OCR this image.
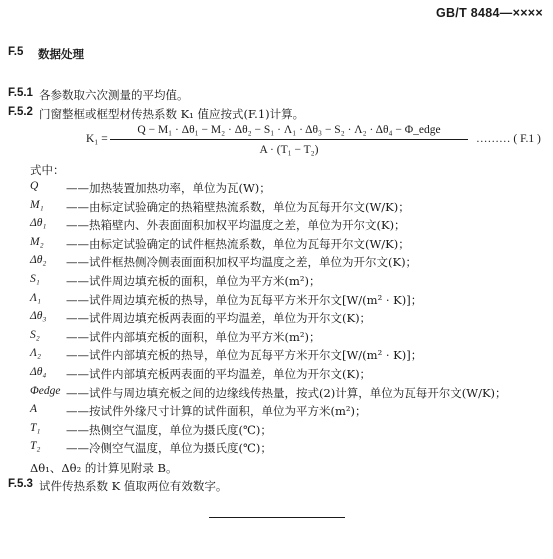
GB/T 8484—××××
F.5 数据处理
F.5.1 各参数取六次测量的平均值。
F.5.2 门窗整框或框型材传热系数 K₁ 值应按式(F.1)计算。
K₁ =
Q − M₁ · Δθ₁ − M₂ · Δθ₂ − S₁ · Λ₁ · Δθ₃ − S₂ · Λ₂ · Δθ₄ − Φ_edge
A · (T₁ − T₂)
……… ( F.1 )
式中：
Q ——加热装置加热功率，单位为瓦(W)；
M₁ ——由标定试验确定的热箱壁热流系数，单位为瓦每开尔文(W/K)；
Δθ₁ ——热箱壁内、外表面面积加权平均温度之差，单位为开尔文(K)；
M₂ ——由标定试验确定的试件框热流系数，单位为瓦每开尔文(W/K)；
Δθ₂ ——试件框热侧冷侧表面面积加权平均温度之差，单位为开尔文(K)；
S₁ ——试件周边填充板的面积，单位为平方米(m²)；
Λ₁ ——试件周边填充板的热导，单位为瓦每平方米开尔文[W/(m² · K)]；
Δθ₃ ——试件周边填充板两表面的平均温差，单位为开尔文(K)；
S₂ ——试件内部填充板的面积，单位为平方米(m²)；
Λ₂ ——试件内部填充板的热导，单位为瓦每平方米开尔文[W/(m² · K)]；
Δθ₄ ——试件内部填充板两表面的平均温差，单位为开尔文(K)；
Φedge ——试件与周边填充板之间的边缘线传热量，按式(2)计算，单位为瓦每开尔文(W/K)；
A	——按试件外缘尺寸计算的试件面积，单位为平方米(m²)；
T₁ ——热侧空气温度，单位为摄氏度(℃)；
T₂ ——冷侧空气温度，单位为摄氏度(℃)；
Δθ₁、Δθ₂ 的计算见附录 B。
F.5.3 试件传热系数 K 值取两位有效数字。
